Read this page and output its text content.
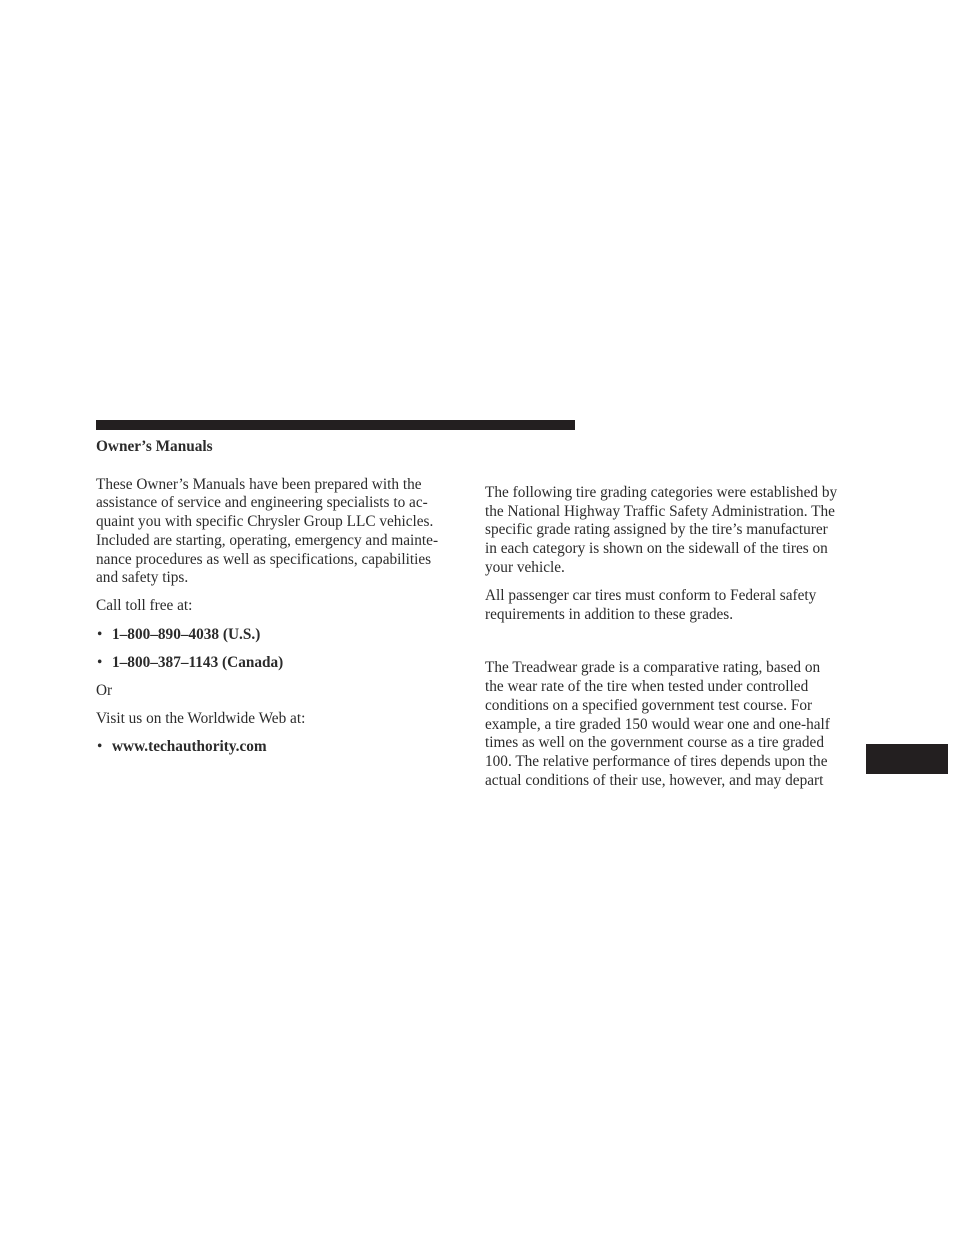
Owner’s Manuals

These Owner’s Manuals have been prepared with the
assistance of service and engineering specialists to ac-
quaint you with specific Chrysler Group LLC vehicles.
Included are starting, operating, emergency and mainte-
nance procedures as well as specifications, capabilities
and safety tips.

Call toll free at:

• 1–800–890–4038 (U.S.)
• 1–800–387–1143 (Canada)

Or

Visit us on the Worldwide Web at:

• www.techauthority.com
The following tire grading categories were established by
the National Highway Traffic Safety Administration. The
specific grade rating assigned by the tire’s manufacturer
in each category is shown on the sidewall of the tires on
your vehicle.
All passenger car tires must conform to Federal safety
requirements in addition to these grades.
The Treadwear grade is a comparative rating, based on
the wear rate of the tire when tested under controlled
conditions on a specified government test course. For
example, a tire graded 150 would wear one and one-half
times as well on the government course as a tire graded
100. The relative performance of tires depends upon the
actual conditions of their use, however, and may depart
